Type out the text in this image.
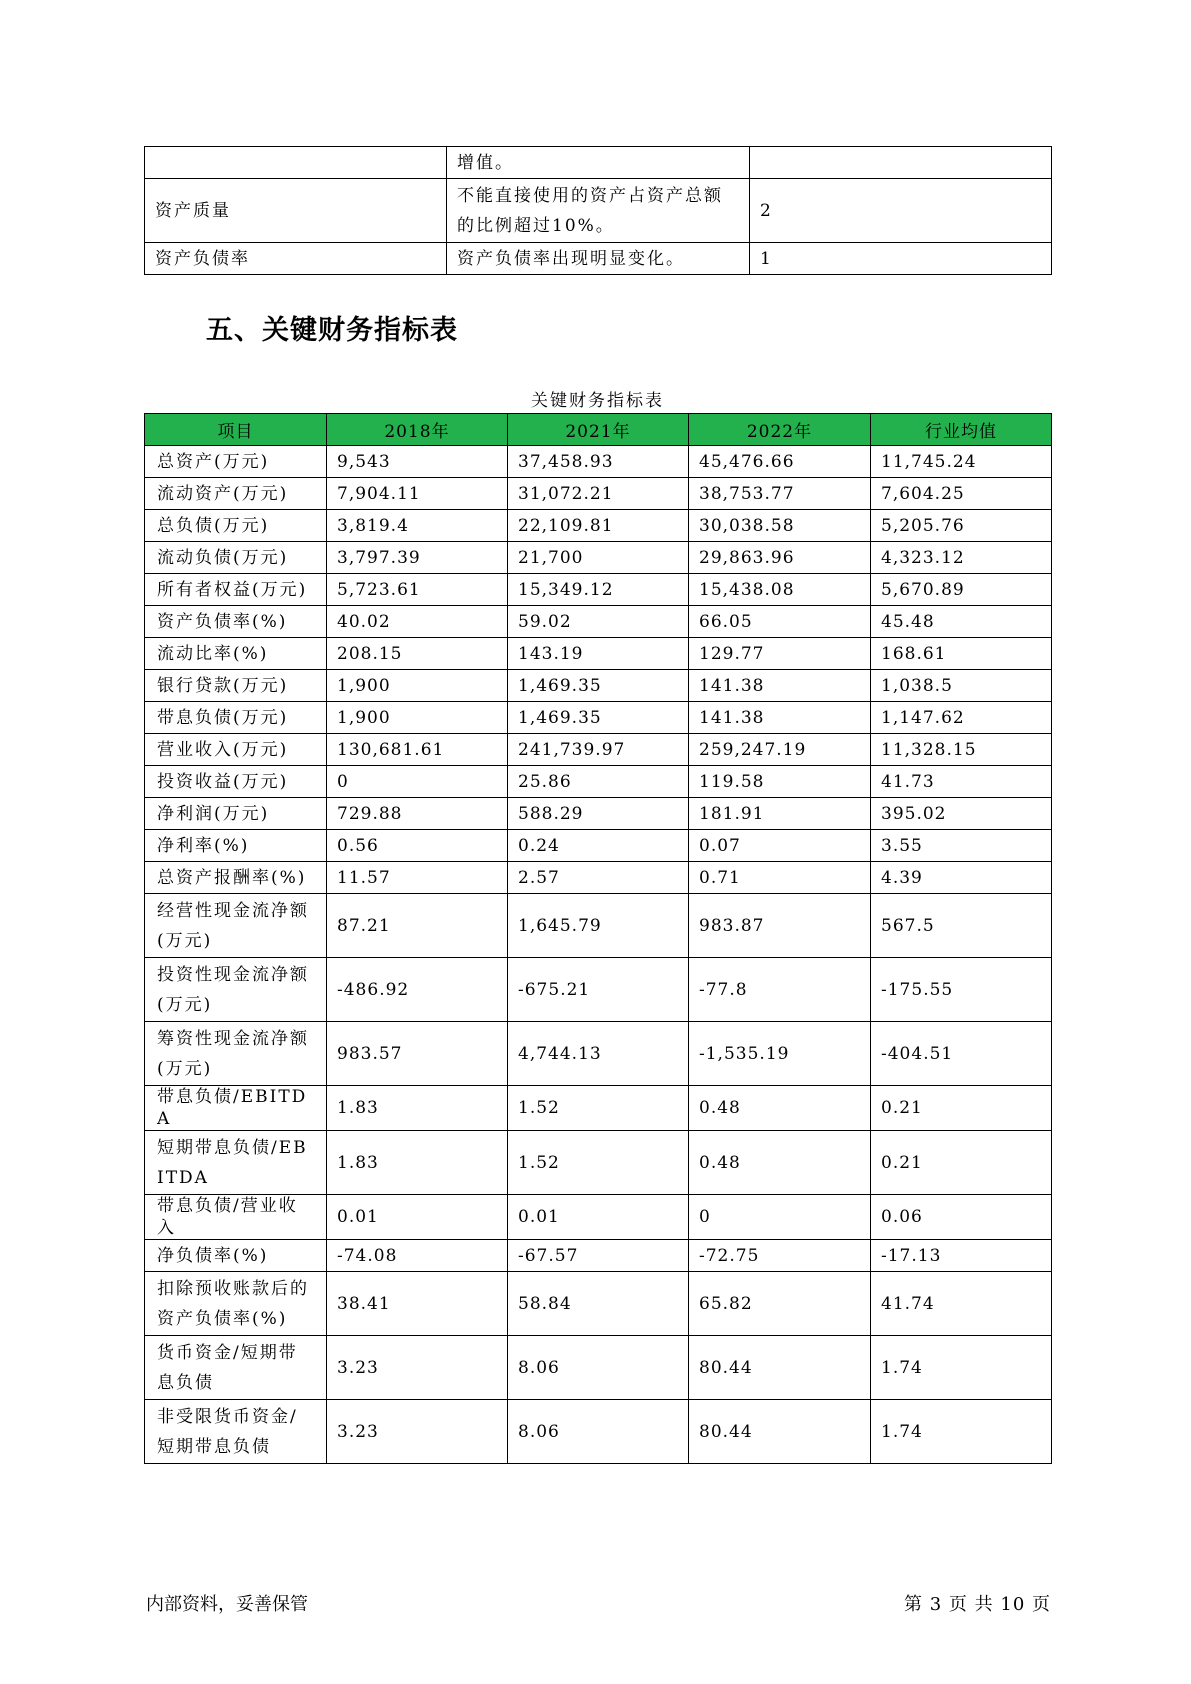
	增值。	
资产质量	不能直接使用的资产占资产总额的比例超过10%。	2
资产负债率	资产负债率出现明显变化。	1
五、关键财务指标表
关键财务指标表
项目	2018年	2021年	2022年	行业均值
总资产(万元)	9,543	37,458.93	45,476.66	11,745.24
流动资产(万元)	7,904.11	31,072.21	38,753.77	7,604.25
总负债(万元)	3,819.4	22,109.81	30,038.58	5,205.76
流动负债(万元)	3,797.39	21,700	29,863.96	4,323.12
所有者权益(万元)	5,723.61	15,349.12	15,438.08	5,670.89
资产负债率(%)	40.02	59.02	66.05	45.48
流动比率(%)	208.15	143.19	129.77	168.61
银行贷款(万元)	1,900	1,469.35	141.38	1,038.5
带息负债(万元)	1,900	1,469.35	141.38	1,147.62
营业收入(万元)	130,681.61	241,739.97	259,247.19	11,328.15
投资收益(万元)	0	25.86	119.58	41.73
净利润(万元)	729.88	588.29	181.91	395.02
净利率(%)	0.56	0.24	0.07	3.55
总资产报酬率(%)	11.57	2.57	0.71	4.39
经营性现金流净额(万元)	87.21	1,645.79	983.87	567.5
投资性现金流净额(万元)	-486.92	-675.21	-77.8	-175.55
筹资性现金流净额(万元)	983.57	4,744.13	-1,535.19	-404.51
带息负债/EBITDA	1.83	1.52	0.48	0.21
短期带息负债/EBITDA	1.83	1.52	0.48	0.21
带息负债/营业收入	0.01	0.01	0	0.06
净负债率(%)	-74.08	-67.57	-72.75	-17.13
扣除预收账款后的资产负债率(%)	38.41	58.84	65.82	41.74
货币资金/短期带息负债	3.23	8.06	80.44	1.74
非受限货币资金/短期带息负债	3.23	8.06	80.44	1.74
内部资料，妥善保管	第 3 页 共 10 页
